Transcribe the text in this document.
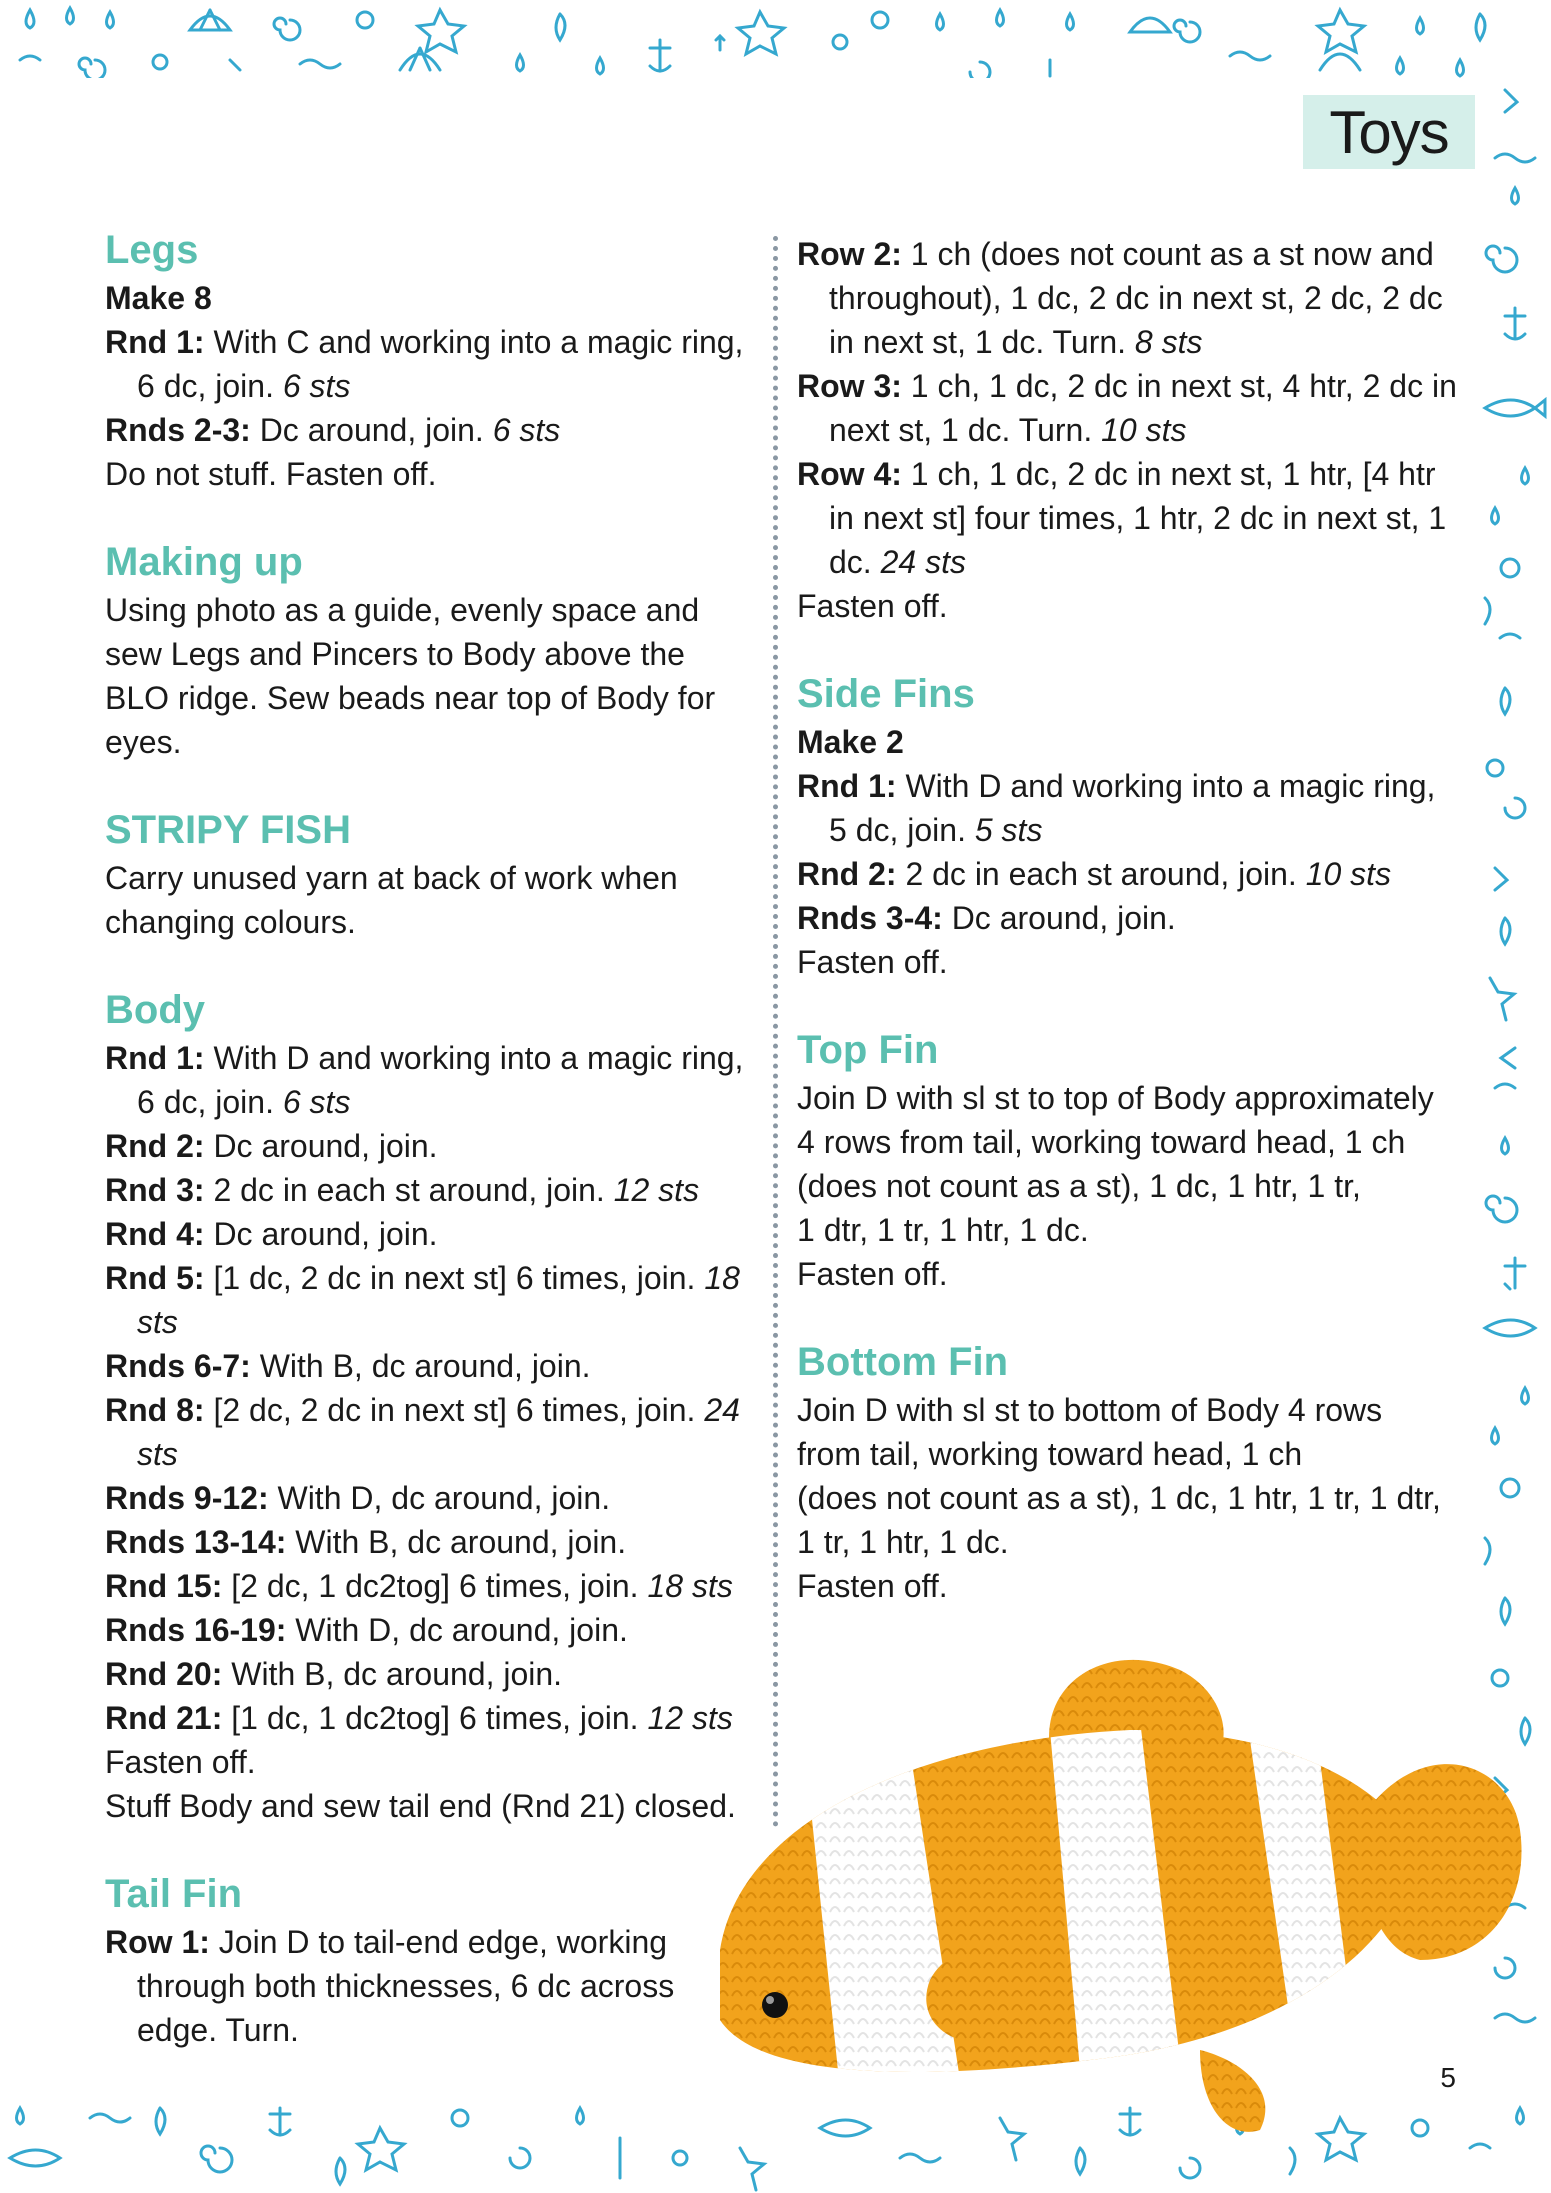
Toys

Legs

Make 8

Rnd 1: With C and working into a magic ring, 6 dc, join. 6 sts

Rnds 2-3: Dc around, join. 6 sts

Do not stuff. Fasten off.

Making up

Using photo as a guide, evenly space and sew Legs and Pincers to Body above the BLO ridge. Sew beads near top of Body for eyes.

STRIPY FISH

Carry unused yarn at back of work when changing colours.

Body

Rnd 1: With D and working into a magic ring, 6 dc, join. 6 sts

Rnd 2: Dc around, join.

Rnd 3: 2 dc in each st around, join. 12 sts

Rnd 4: Dc around, join.

Rnd 5: [1 dc, 2 dc in next st] 6 times, join. 18 sts

Rnds 6-7: With B, dc around, join.

Rnd 8: [2 dc, 2 dc in next st] 6 times, join. 24 sts

Rnds 9-12: With D, dc around, join.

Rnds 13-14: With B, dc around, join.

Rnd 15: [2 dc, 1 dc2tog] 6 times, join. 18 sts

Rnds 16-19: With D, dc around, join.

Rnd 20: With B, dc around, join.

Rnd 21: [1 dc, 1 dc2tog] 6 times, join. 12 sts

Fasten off.

Stuff Body and sew tail end (Rnd 21) closed.

Tail Fin

Row 1: Join D to tail-end edge, working through both thicknesses, 6 dc across edge. Turn.

Row 2: 1 ch (does not count as a st now and throughout), 1 dc, 2 dc in next st, 2 dc, 2 dc in next st, 1 dc. Turn. 8 sts

Row 3: 1 ch, 1 dc, 2 dc in next st, 4 htr, 2 dc in next st, 1 dc. Turn. 10 sts

Row 4: 1 ch, 1 dc, 2 dc in next st, 1 htr, [4 htr in next st] four times, 1 htr, 2 dc in next st, 1 dc. 24 sts

Fasten off.

Side Fins

Make 2

Rnd 1: With D and working into a magic ring, 5 dc, join. 5 sts

Rnd 2: 2 dc in each st around, join. 10 sts

Rnds 3-4: Dc around, join.

Fasten off.

Top Fin

Join D with sl st to top of Body approximately

4 rows from tail, working toward head, 1 ch

(does not count as a st), 1 dc, 1 htr, 1 tr,

1 dtr, 1 tr, 1 htr, 1 dc.

Fasten off.

Bottom Fin

Join D with sl st to bottom of Body 4 rows

from tail, working toward head, 1 ch

(does not count as a st), 1 dc, 1 htr, 1 tr, 1 dtr,

1 tr, 1 htr, 1 dc.

Fasten off.

5
